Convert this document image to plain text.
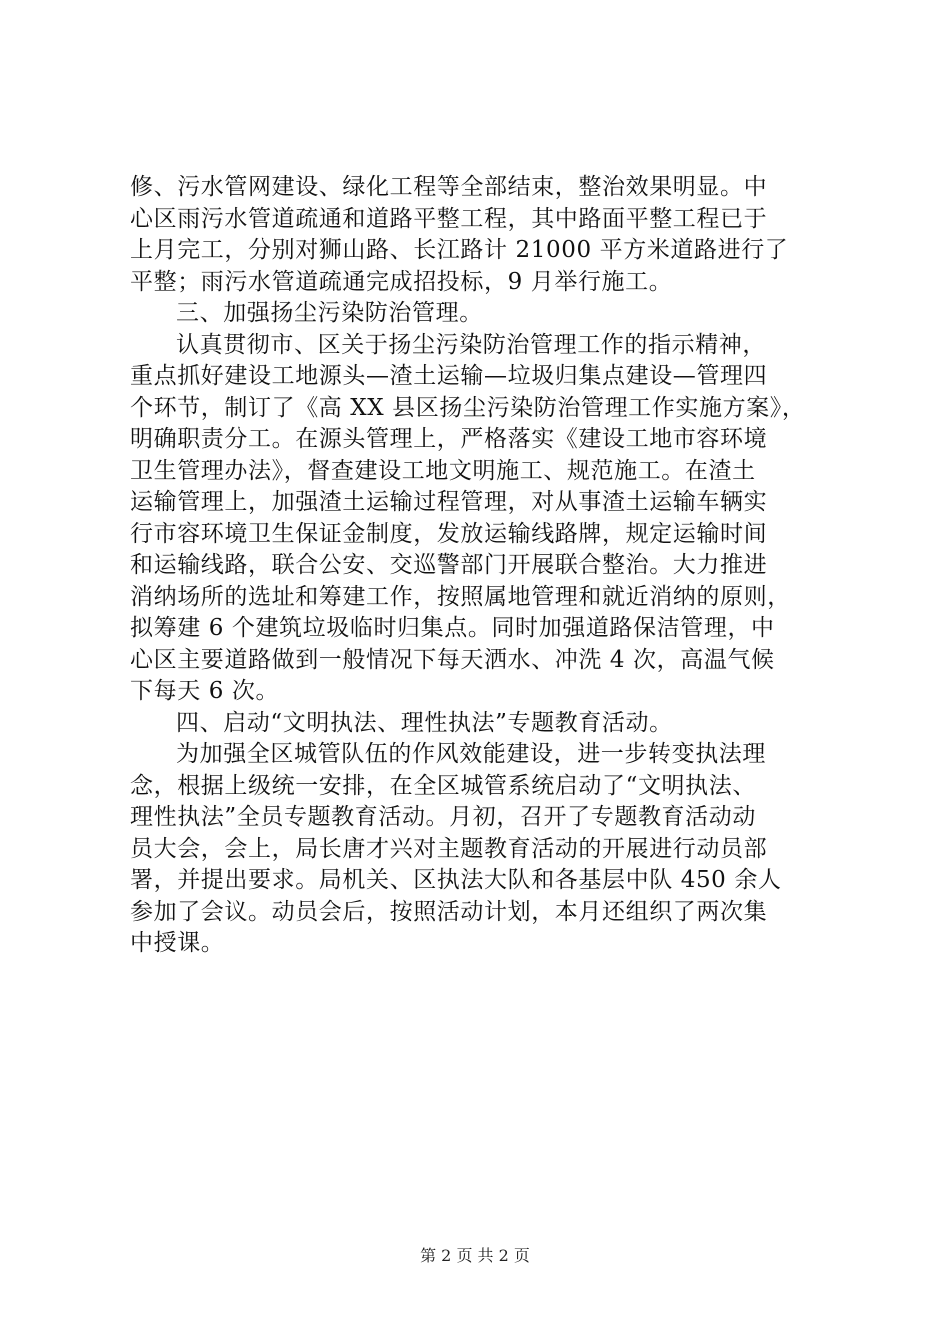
修、污水管网建设、绿化工程等全部结束，整治效果明显。中
心区雨污水管道疏通和道路平整工程，其中路面平整工程已于
上月完工，分别对狮山路、长江路计 21000 平方米道路进行了
平整；雨污水管道疏通完成招投标，9 月举行施工。
三、加强扬尘污染防治管理。
认真贯彻市、区关于扬尘污染防治管理工作的指示精神，
重点抓好建设工地源头—渣土运输—垃圾归集点建设—管理四
个环节，制订了《高 XX 县区扬尘污染防治管理工作实施方案》，
明确职责分工。在源头管理上，严格落实《建设工地市容环境
卫生管理办法》，督查建设工地文明施工、规范施工。在渣土
运输管理上，加强渣土运输过程管理，对从事渣土运输车辆实
行市容环境卫生保证金制度，发放运输线路牌，规定运输时间
和运输线路，联合公安、交巡警部门开展联合整治。大力推进
消纳场所的选址和筹建工作，按照属地管理和就近消纳的原则，
拟筹建 6 个建筑垃圾临时归集点。同时加强道路保洁管理，中
心区主要道路做到一般情况下每天洒水、冲洗 4 次，高温气候
下每天 6 次。
四、启动“文明执法、理性执法”专题教育活动。
为加强全区城管队伍的作风效能建设，进一步转变执法理
念，根据上级统一安排，在全区城管系统启动了“文明执法、
理性执法”全员专题教育活动。月初，召开了专题教育活动动
员大会，会上，局长唐才兴对主题教育活动的开展进行动员部
署，并提出要求。局机关、区执法大队和各基层中队 450 余人
参加了会议。动员会后，按照活动计划，本月还组织了两次集
中授课。
第 2 页 共 2 页
